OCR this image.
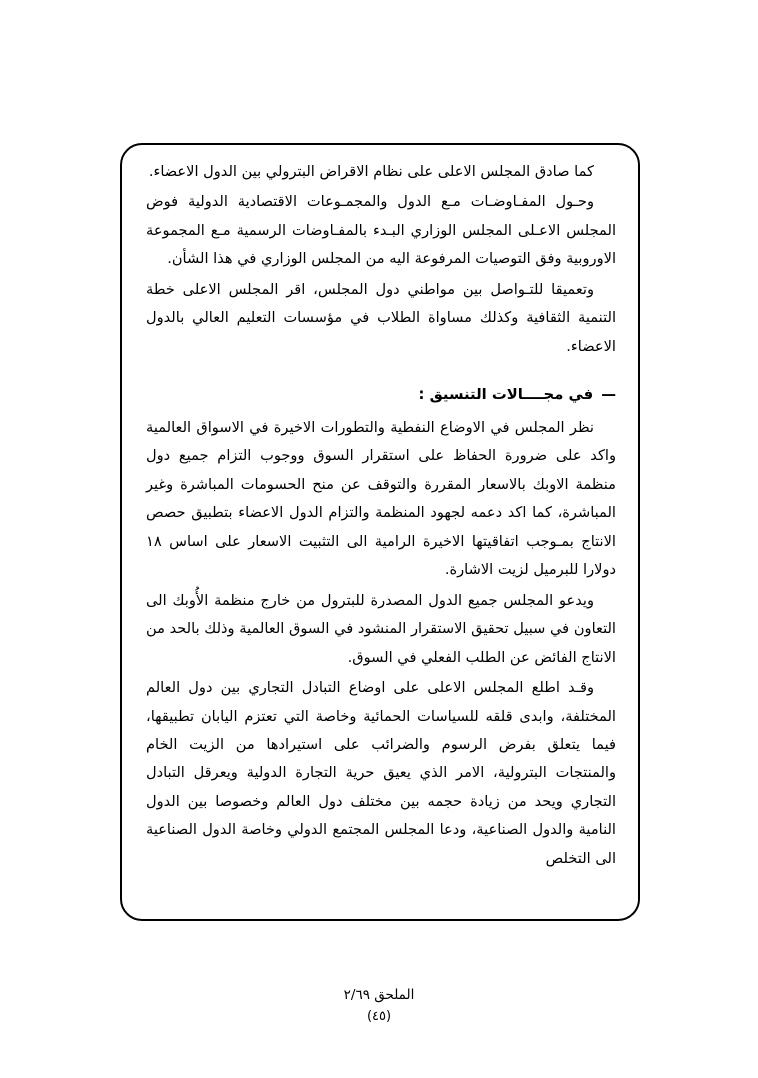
كما صادق المجلس الاعلى على نظام الاقراض البترولي بين الدول الاعضاء.

وحـول المفـاوضـات مـع الدول والمجمـوعات الاقتصادية الدولية فوض المجلس الاعـلى المجلس الوزاري البـدء بالمفـاوضات الرسمية مـع المجموعة الاوروبية وفق التوصيات المرفوعة اليه من المجلس الوزاري في هذا الشأن.

وتعميقا للتـواصل بين مواطني دول المجلس، اقر المجلس الاعلى خطة التنمية الثقافية وكذلك مساواة الطلاب في مؤسسات التعليم العالي بالدول الاعضاء.

—
في مجــــالات التنسيق :

نظر المجلس في الاوضاع النفطية والتطورات الاخيرة في الاسواق العالمية واكد على ضرورة الحفاظ على استقرار السوق ووجوب التزام جميع دول منظمة الاوبك بالاسعار المقررة والتوقف عن منح الحسومات المباشرة وغير المباشرة، كما اكد دعمه لجهود المنظمة والتزام الدول الاعضاء بتطبيق حصص الانتاج بمـوجب اتفاقيتها الاخيرة الرامية الى التثبيت الاسعار على اساس ١٨ دولارا للبرميل لزيت الاشارة.

ويدعو المجلس جميع الدول المصدرة للبترول من خارج منظمة الأُوبك الى التعاون في سبيل تحقيق الاستقرار المنشود في السوق العالمية وذلك بالحد من الانتاج الفائض عن الطلب الفعلي في السوق.

وقـد اطلع المجلس الاعلى على اوضاع التبادل التجاري بين دول العالم المختلفة، وابدى قلقه للسياسات الحمائية وخاصة التي تعتزم اليابان تطبيقها، فيما يتعلق بفرض الرسوم والضرائب على استيرادها من الزيت الخام والمنتجات البترولية، الامر الذي يعيق حرية التجارة الدولية ويعرقل التبادل التجاري ويحد من زيادة حجمه بين مختلف دول العالم وخصوصا بين الدول النامية والدول الصناعية، ودعا المجلس المجتمع الدولي وخاصة الدول الصناعية الى التخلص

الملحق ٢/٦٩
(٤٥)
